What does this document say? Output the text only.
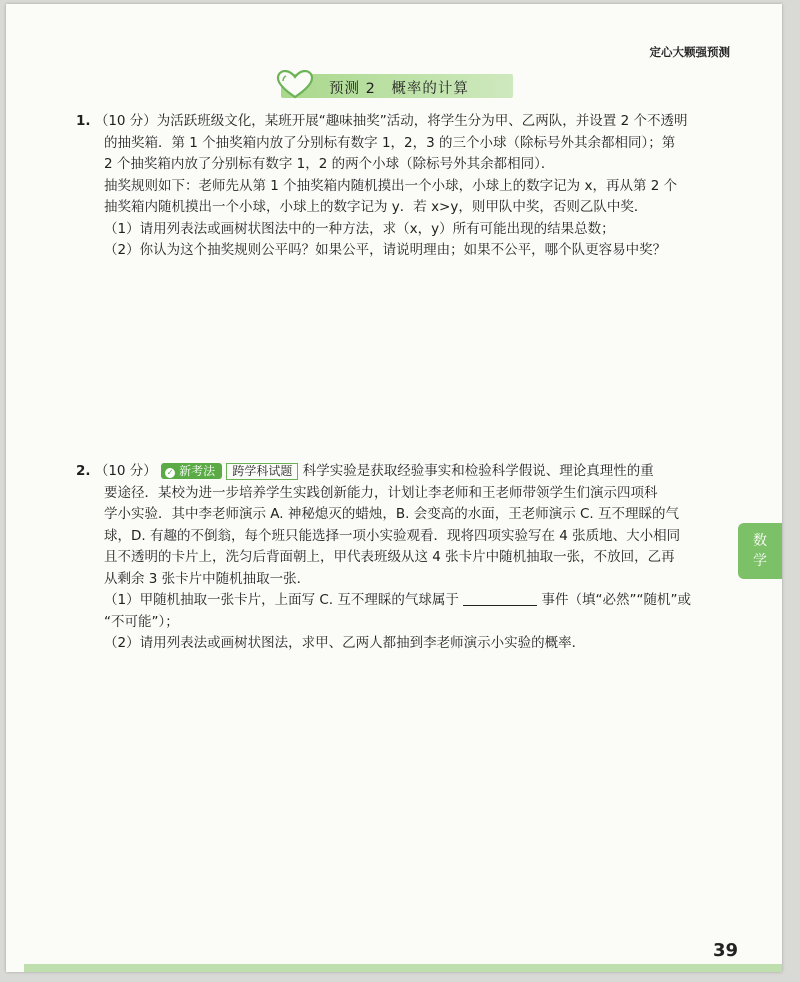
定心大颗强预测
预测 2　概率的计算

1. （10 分）为活跃班级文化，某班开展“趣味抽奖”活动，将学生分为甲、乙两队，并设置 2 个不透明

的抽奖箱．第 1 个抽奖箱内放了分别标有数字 1，2，3 的三个小球（除标号外其余都相同）；第

2 个抽奖箱内放了分别标有数字 1，2 的两个小球（除标号外其余都相同）．

抽奖规则如下：老师先从第 1 个抽奖箱内随机摸出一个小球，小球上的数字记为 x，再从第 2 个

抽奖箱内随机摸出一个小球，小球上的数字记为 y．若 x>y，则甲队中奖，否则乙队中奖．

（1）请用列表法或画树状图法中的一种方法，求（x，y）所有可能出现的结果总数；

（2）你认为这个抽奖规则公平吗？如果公平，请说明理由；如果不公平，哪个队更容易中奖？

2. （10 分） ✓ 新考法 跨学科试题 科学实验是获取经验事实和检验科学假说、理论真理性的重

要途径．某校为进一步培养学生实践创新能力，计划让李老师和王老师带领学生们演示四项科

学小实验．其中李老师演示 A. 神秘熄灭的蜡烛，B. 会变高的水面，王老师演示 C. 互不理睬的气

球，D. 有趣的不倒翁，每个班只能选择一项小实验观看．现将四项实验写在 4 张质地、大小相同

且不透明的卡片上，洗匀后背面朝上，甲代表班级从这 4 张卡片中随机抽取一张，不放回，乙再

从剩余 3 张卡片中随机抽取一张．

（1）甲随机抽取一张卡片，上面写 C. 互不理睬的气球属于	事件（填“必然”“随机”或

“不可能”）；

（2）请用列表法或画树状图法，求甲、乙两人都抽到李老师演示小实验的概率．

数
学
39
